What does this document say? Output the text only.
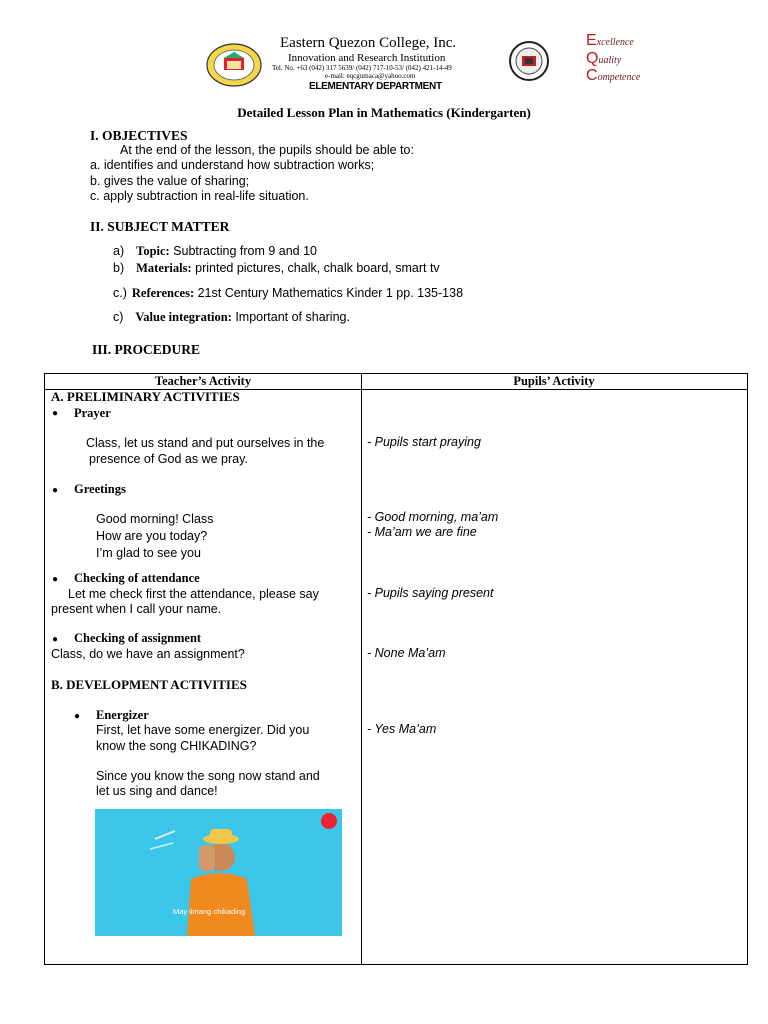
Eastern Quezon College, Inc.
Innovation and Research Institution
Tel. No. +63 (042) 317 5639/ (042) 717-10-53/ (042) 421-14-49
e-mail: eqcgumaca@yahoo.com
ELEMENTARY DEPARTMENT
Excellence
Quality
Competence
Detailed Lesson Plan in Mathematics (Kindergarten)
I. OBJECTIVES
At the end of the lesson, the pupils should be able to:
a. identifies and understand how subtraction works;
b. gives the value of sharing;
c. apply subtraction in real-life situation.
II. SUBJECT MATTER
a) Topic: Subtracting from 9 and 10
b) Materials: printed pictures, chalk, chalk board, smart tv
c.) References: 21st Century Mathematics Kinder 1 pp. 135-138
c) Value integration: Important of sharing.
III. PROCEDURE
Teacher’s Activity	Pupils’ Activity
A. PRELIMINARY ACTIVITIES
● Prayer
Class, let us stand and put ourselves in the
presence of God as we pray.
- Pupils start praying
● Greetings
Good morning! Class
How are you today?
I’m glad to see you
- Good morning, ma’am
- Ma’am we are fine
● Checking of attendance
Let me check first the attendance, please say
present when I call your name.
- Pupils saying present
● Checking of assignment
Class, do we have an assignment?	- None Ma’am
B. DEVELOPMENT ACTIVITIES
● Energizer
First, let have some energizer. Did you
know the song CHIKADING?
Since you know the song now stand and
let us sing and dance!
- Yes Ma’am
May limang chikading
